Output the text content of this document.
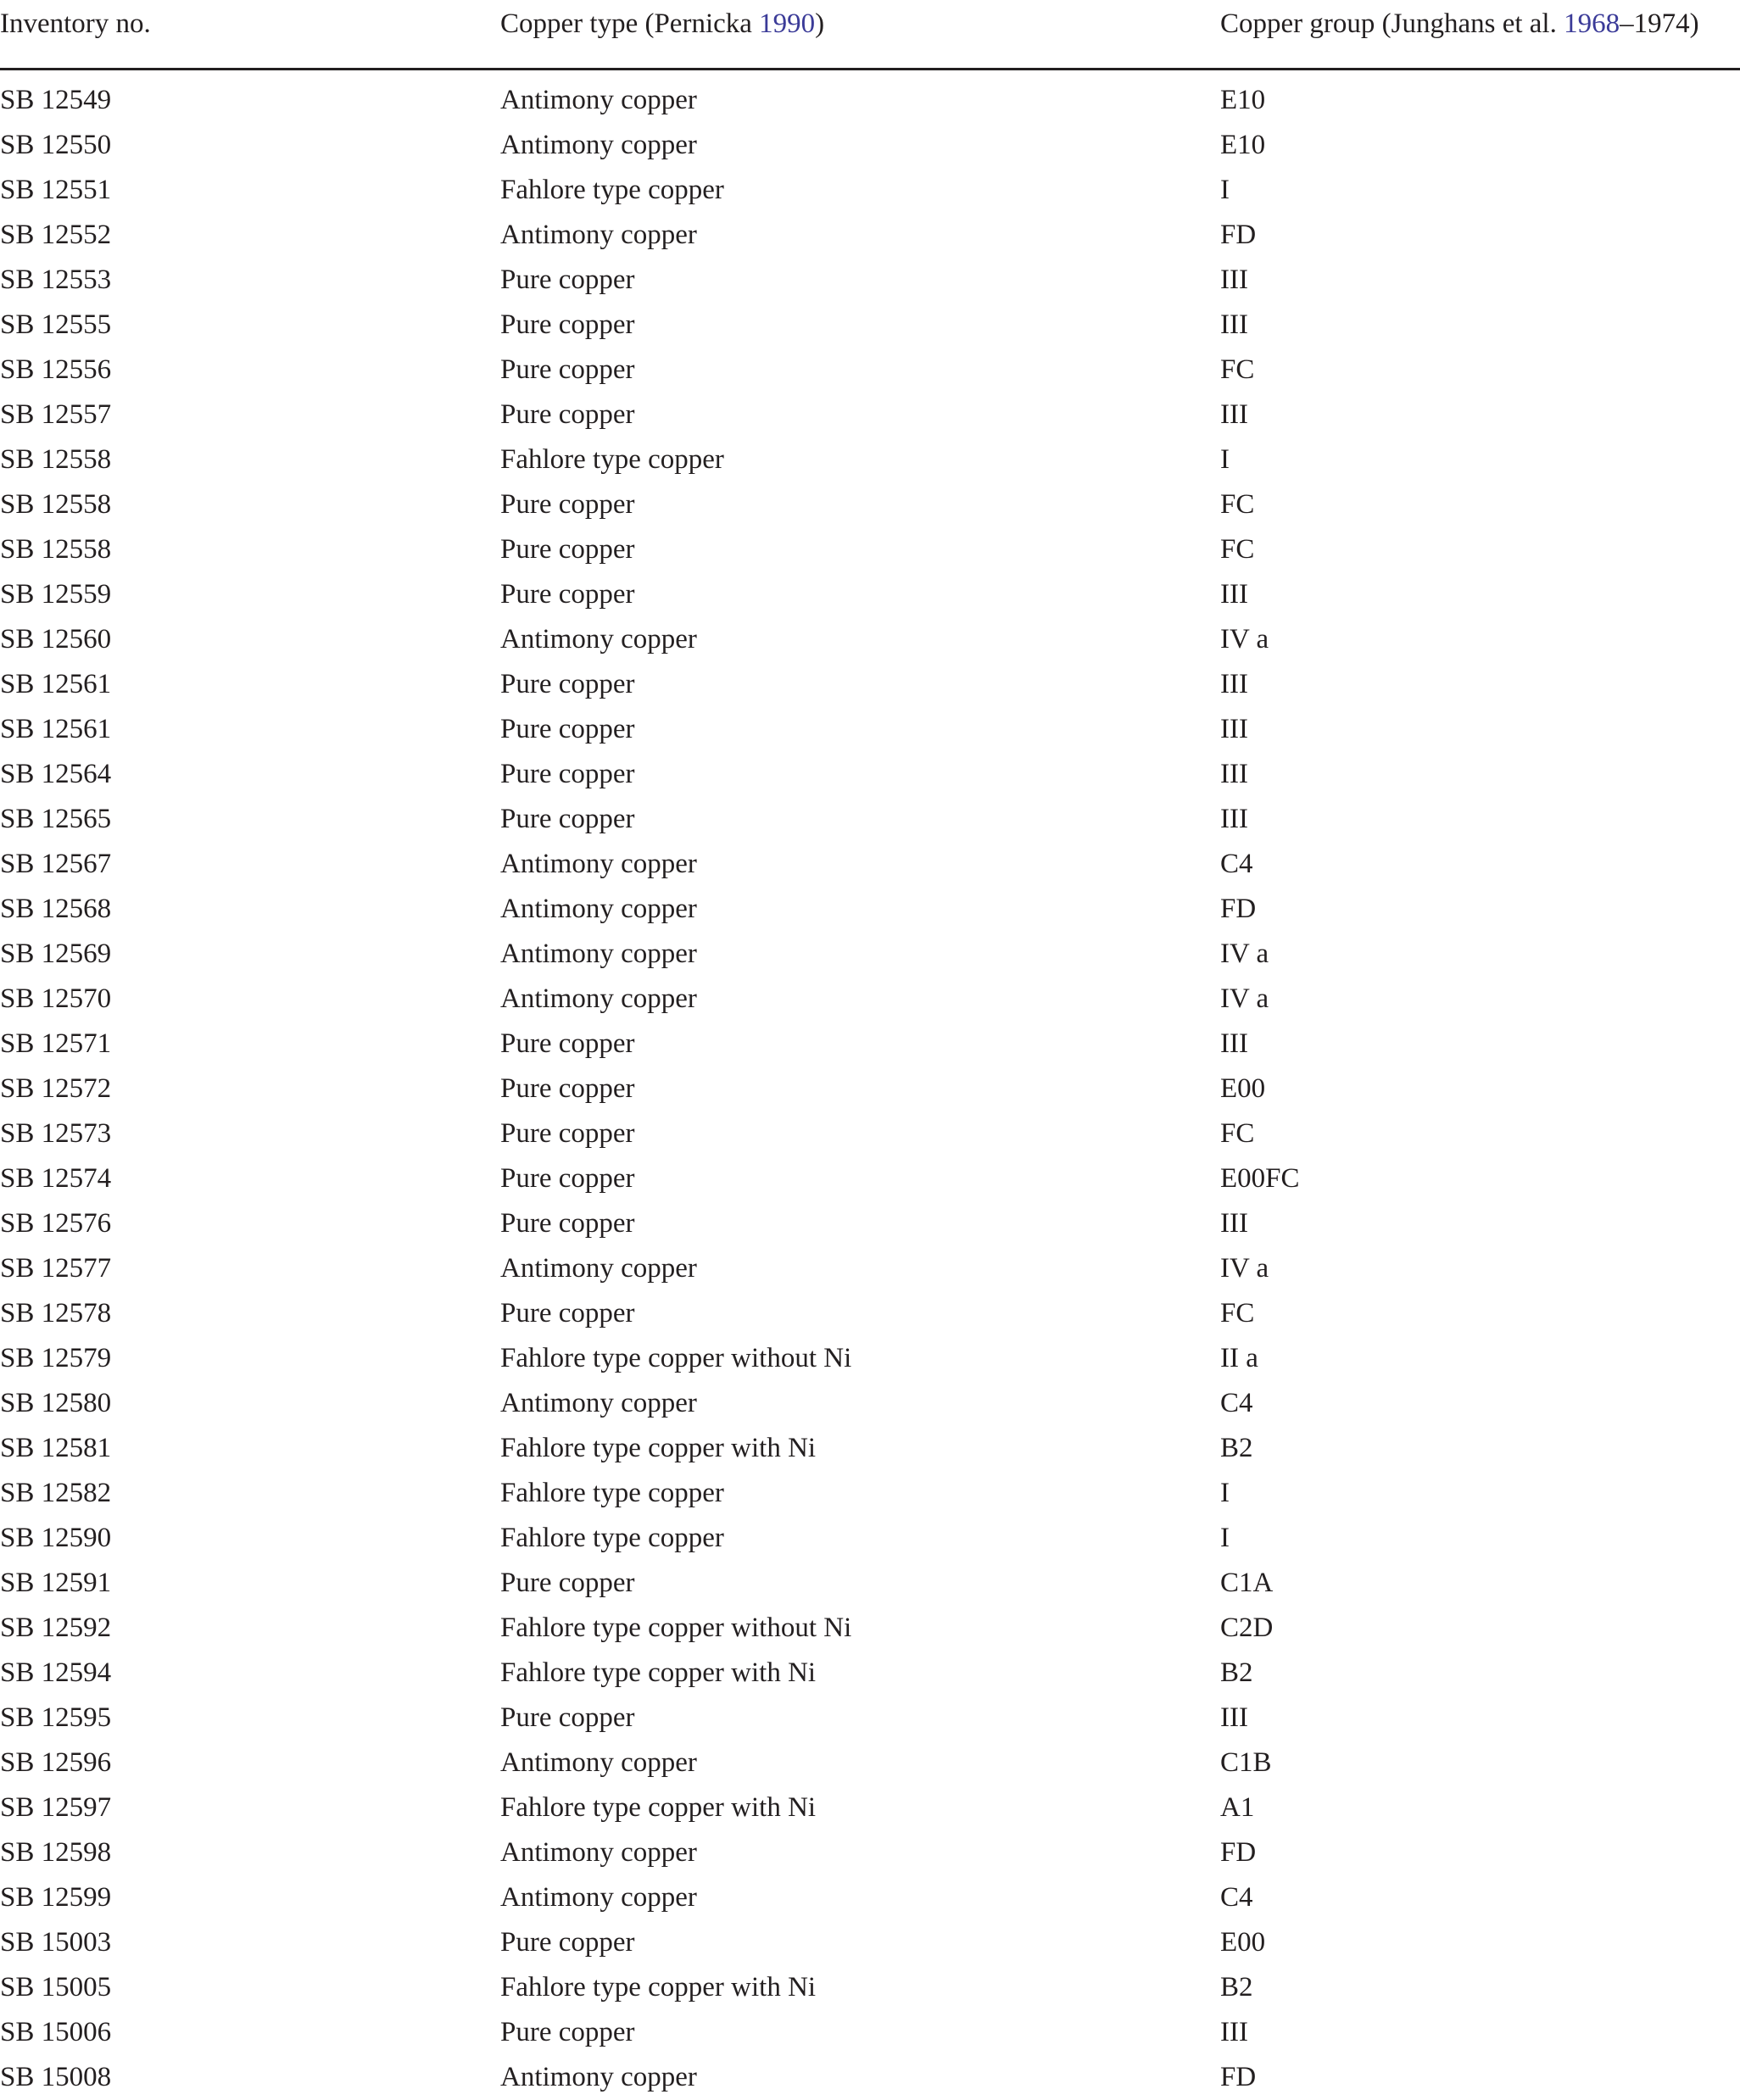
Inventory no.	Copper type (Pernicka 1990)	Copper group (Junghans et al. 1968–1974)
SB 12549	Antimony copper	E10
SB 12550	Antimony copper	E10
SB 12551	Fahlore type copper	I
SB 12552	Antimony copper	FD
SB 12553	Pure copper	III
SB 12555	Pure copper	III
SB 12556	Pure copper	FC
SB 12557	Pure copper	III
SB 12558	Fahlore type copper	I
SB 12558	Pure copper	FC
SB 12558	Pure copper	FC
SB 12559	Pure copper	III
SB 12560	Antimony copper	IV a
SB 12561	Pure copper	III
SB 12561	Pure copper	III
SB 12564	Pure copper	III
SB 12565	Pure copper	III
SB 12567	Antimony copper	C4
SB 12568	Antimony copper	FD
SB 12569	Antimony copper	IV a
SB 12570	Antimony copper	IV a
SB 12571	Pure copper	III
SB 12572	Pure copper	E00
SB 12573	Pure copper	FC
SB 12574	Pure copper	E00FC
SB 12576	Pure copper	III
SB 12577	Antimony copper	IV a
SB 12578	Pure copper	FC
SB 12579	Fahlore type copper without Ni	II a
SB 12580	Antimony copper	C4
SB 12581	Fahlore type copper with Ni	B2
SB 12582	Fahlore type copper	I
SB 12590	Fahlore type copper	I
SB 12591	Pure copper	C1A
SB 12592	Fahlore type copper without Ni	C2D
SB 12594	Fahlore type copper with Ni	B2
SB 12595	Pure copper	III
SB 12596	Antimony copper	C1B
SB 12597	Fahlore type copper with Ni	A1
SB 12598	Antimony copper	FD
SB 12599	Antimony copper	C4
SB 15003	Pure copper	E00
SB 15005	Fahlore type copper with Ni	B2
SB 15006	Pure copper	III
SB 15008	Antimony copper	FD
